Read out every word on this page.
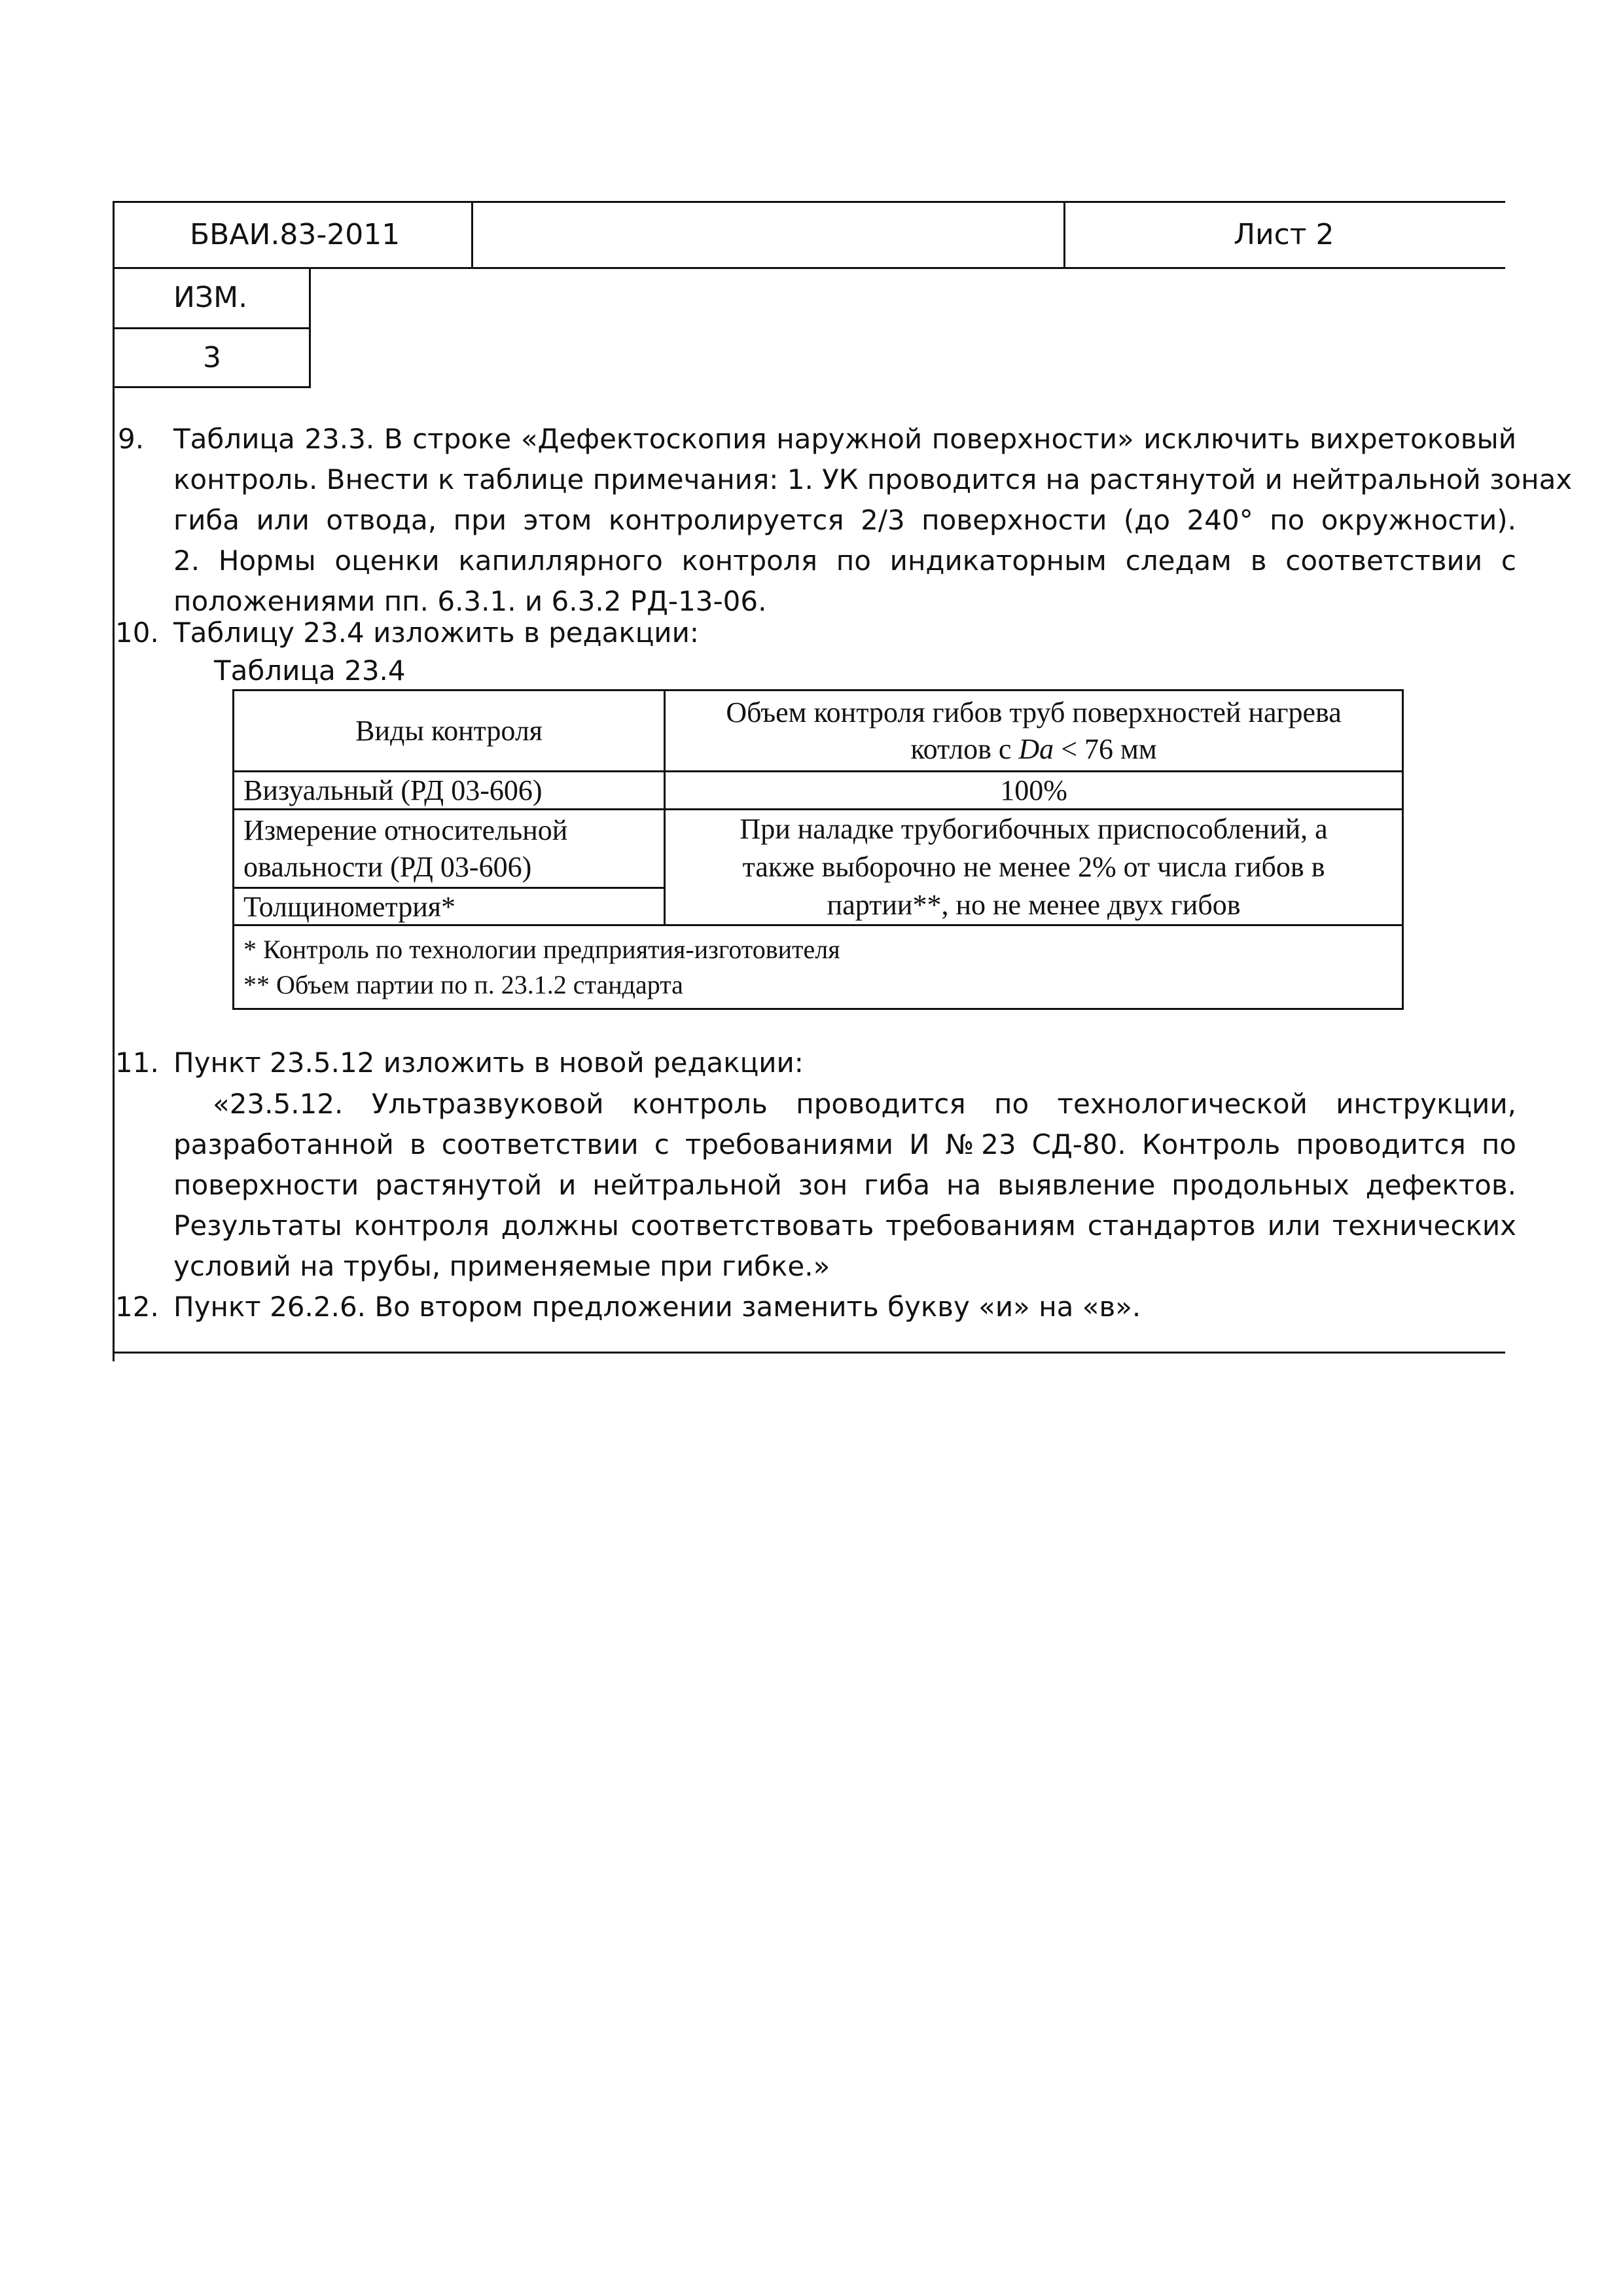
БВАИ.83-2011	Лист 2
ИЗМ.
3
9. Таблица 23.3. В строке «Дефектоскопия наружной поверхности» исключить вихретоковый
контроль. Внести к таблице примечания: 1. УК проводится на растянутой и нейтральной зонах
гиба или отвода, при этом контролируется 2/3 поверхности (до 240° по окружности).
2. Нормы оценки капиллярного контроля по индикаторным следам в соответствии с
положениями пп. 6.3.1. и 6.3.2 РД-13-06.
10. Таблицу 23.4 изложить в редакции:
Таблица 23.4
Виды контроля	Объем контроля гибов труб поверхностей нагрева
котлов с Da < 76 мм
Визуальный (РД 03-606)	100%
Измерение относительной
овальности (РД 03-606)	При наладке трубогибочных приспособлений, а
также выборочно не менее 2% от числа гибов в
партии**, но не менее двух гибов
Толщинометрия*	
* Контроль по технологии предприятия-изготовителя
** Объем партии по п. 23.1.2 стандарта	
11. Пункт 23.5.12 изложить в новой редакции:
«23.5.12. Ультразвуковой контроль проводится по технологической инструкции,
разработанной в соответствии с требованиями И №23 СД-80. Контроль проводится по
поверхности растянутой и нейтральной зон гиба на выявление продольных дефектов.
Результаты контроля должны соответствовать требованиям стандартов или технических
условий на трубы, применяемые при гибке.»
12. Пункт 26.2.6. Во втором предложении заменить букву «и» на «в».
